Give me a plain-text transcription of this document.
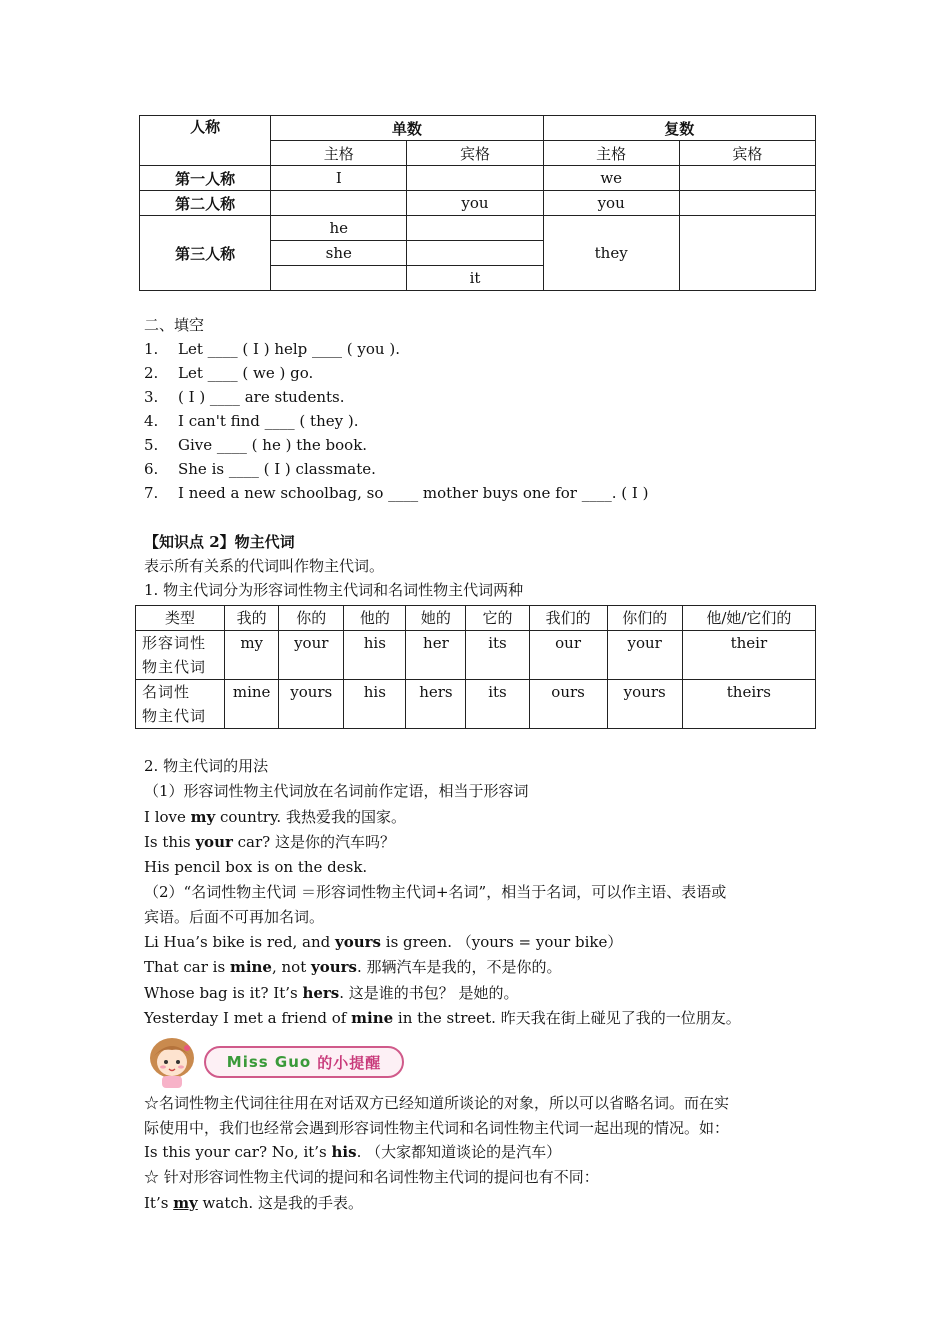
人称	单数		复数	
	主格	宾格	主格	宾格
第一人称	I		we	
第二人称		you	you	
第三人称	he		they	
	she			
		it		
二、填空
1. Let ____ ( I ) help ____ ( you ).
2. Let ____ ( we ) go.
3. ( I ) ____ are students.
4. I can't find ____ ( they ).
5. Give ____ ( he ) the book.
6. She is ____ ( I ) classmate.
7. I need a new schoolbag, so ____ mother buys one for ____. ( I )
【知识点 2】物主代词
表示所有关系的代词叫作物主代词。
1. 物主代词分为形容词性物主代词和名词性物主代词两种
类型	我的	你的	他的	她的	它的	我们的	你们的	他/她/它们的

形容词性
物主代词	my	your	his	her	its	our	your	their

名词性
物主代词	mine	yours	his	hers	its	ours	yours	theirs
2. 物主代词的用法
（1）形容词性物主代词放在名词前作定语，相当于形容词
I love my country. 我热爱我的国家。
Is this your car? 这是你的汽车吗？
His pencil box is on the desk.
（2）“名词性物主代词 ＝形容词性物主代词+名词”，相当于名词，可以作主语、表语或
宾语。后面不可再加名词。
Li Hua’s bike is red, and yours is green. （yours = your bike）
That car is mine, not yours. 那辆汽车是我的，不是你的。
Whose bag is it? It’s hers. 这是谁的书包？ 是她的。
Yesterday I met a friend of mine in the street. 昨天我在街上碰见了我的一位朋友。
Miss Guo 的小提醒
☆名词性物主代词往往用在对话双方已经知道所谈论的对象，所以可以省略名词。而在实
际使用中，我们也经常会遇到形容词性物主代词和名词性物主代词一起出现的情况。如：
Is this your car? No, it’s his. （大家都知道谈论的是汽车）
☆ 针对形容词性物主代词的提问和名词性物主代词的提问也有不同：
It’s my watch. 这是我的手表。
